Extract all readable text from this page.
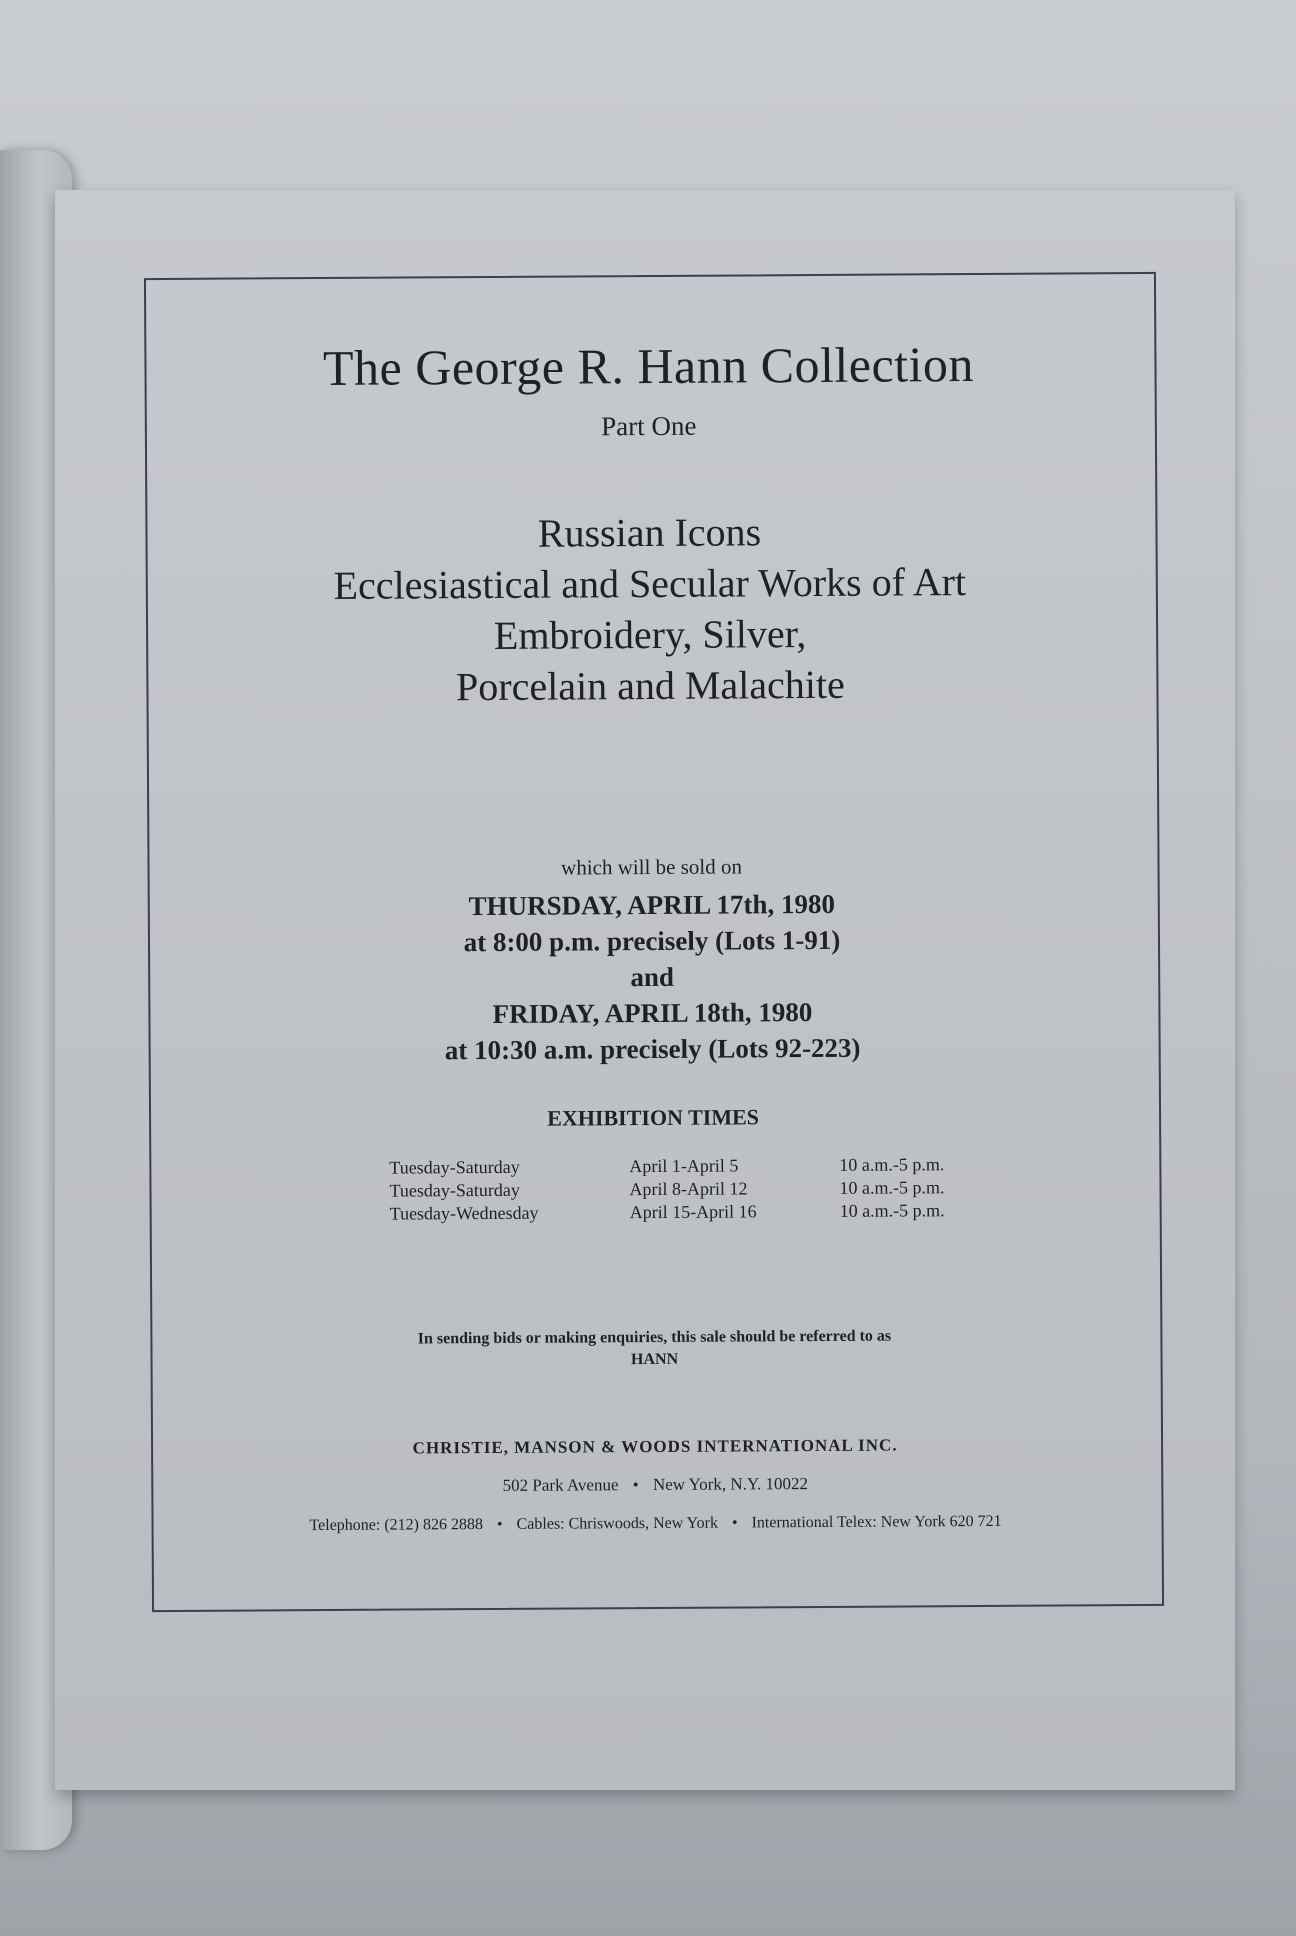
The George R. Hann Collection
Part One
Russian Icons
Ecclesiastical and Secular Works of Art
Embroidery, Silver,
Porcelain and Malachite
which will be sold on
THURSDAY, APRIL 17th, 1980
at 8:00 p.m. precisely (Lots 1-91)
and
FRIDAY, APRIL 18th, 1980
at 10:30 a.m. precisely (Lots 92-223)
EXHIBITION TIMES
Tuesday-Saturday	April 1-April 5	10 a.m.-5 p.m.
Tuesday-Saturday	April 8-April 12	10 a.m.-5 p.m.
Tuesday-Wednesday	April 15-April 16	10 a.m.-5 p.m.
In sending bids or making enquiries, this sale should be referred to as
HANN
CHRISTIE, MANSON & WOODS INTERNATIONAL INC.
502 Park Avenue • New York, N.Y. 10022
Telephone: (212) 826 2888 • Cables: Chriswoods, New York • International Telex: New York 620 721
